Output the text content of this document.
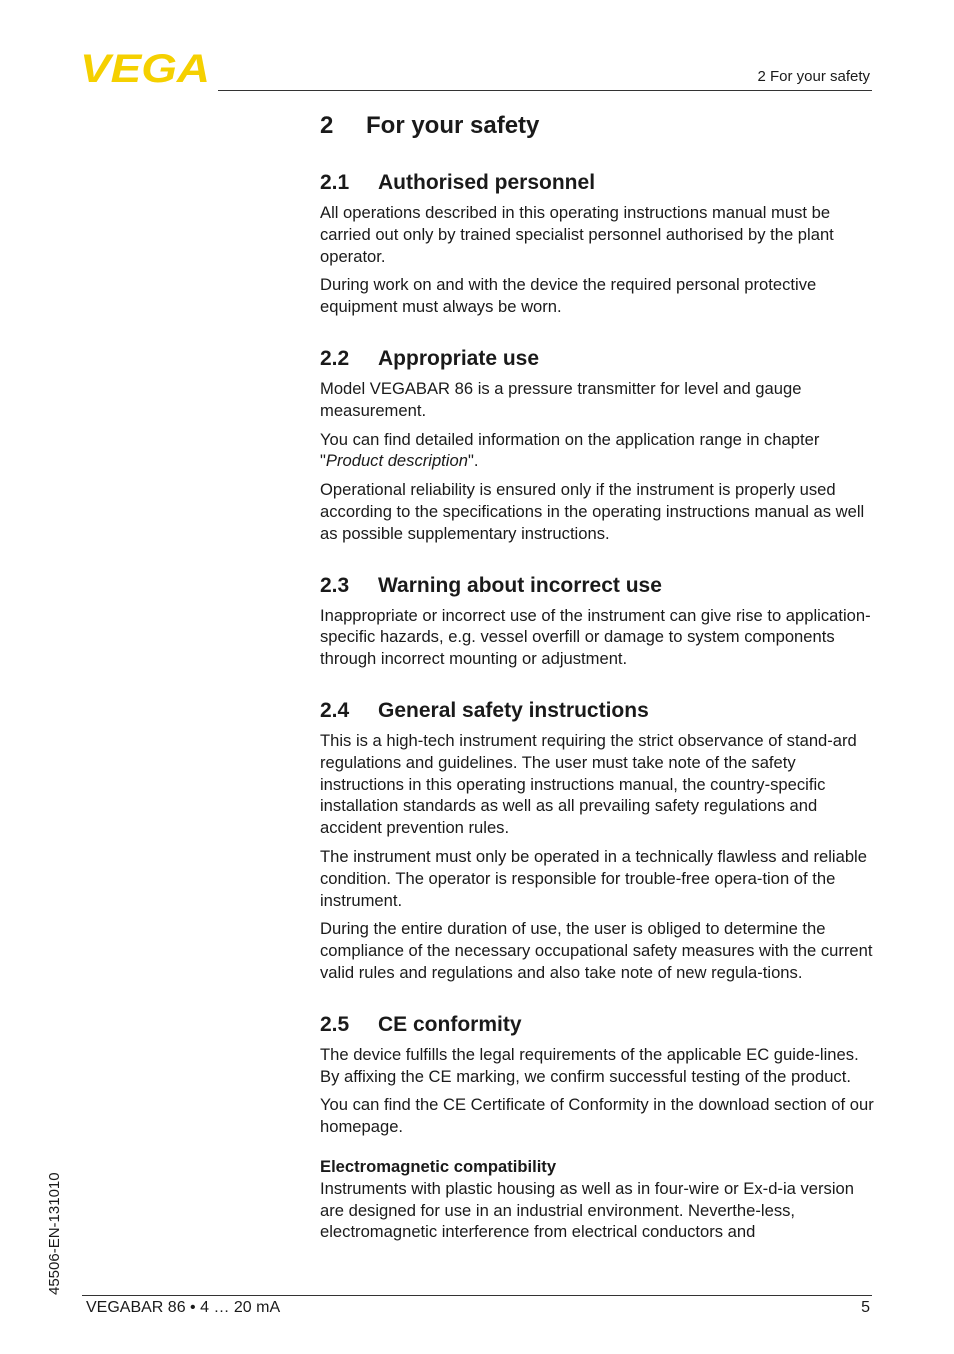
VEGA	2 For your safety
2	For your safety
2.1	Authorised personnel

All operations described in this operating instructions manual must be carried out only by trained specialist personnel authorised by the plant operator.

During work on and with the device the required personal protective equipment must always be worn.

2.2	Appropriate use

Model VEGABAR 86 is a pressure transmitter for level and gauge measurement.

You can find detailed information on the application range in chapter "Product description".

Operational reliability is ensured only if the instrument is properly used according to the specifications in the operating instructions manual as well as possible supplementary instructions.

2.3	Warning about incorrect use

Inappropriate or incorrect use of the instrument can give rise to application-specific hazards, e.g. vessel overfill or damage to system components through incorrect mounting or adjustment.

2.4	General safety instructions

This is a high-tech instrument requiring the strict observance of stand-ard regulations and guidelines. The user must take note of the safety instructions in this operating instructions manual, the country-specific installation standards as well as all prevailing safety regulations and accident prevention rules.

The instrument must only be operated in a technically flawless and reliable condition. The operator is responsible for trouble-free opera-tion of the instrument.

During the entire duration of use, the user is obliged to determine the compliance of the necessary occupational safety measures with the current valid rules and regulations and also take note of new regula-tions.

2.5	CE conformity

The device fulfills the legal requirements of the applicable EC guide-lines. By affixing the CE marking, we confirm successful testing of the product.

You can find the CE Certificate of Conformity in the download section of our homepage.

Electromagnetic compatibility

Instruments with plastic housing as well as in four-wire or Ex-d-ia version are designed for use in an industrial environment. Neverthe-less, electromagnetic interference from electrical conductors and

45506-EN-131010
VEGABAR 86 • 4 … 20 mA	5
